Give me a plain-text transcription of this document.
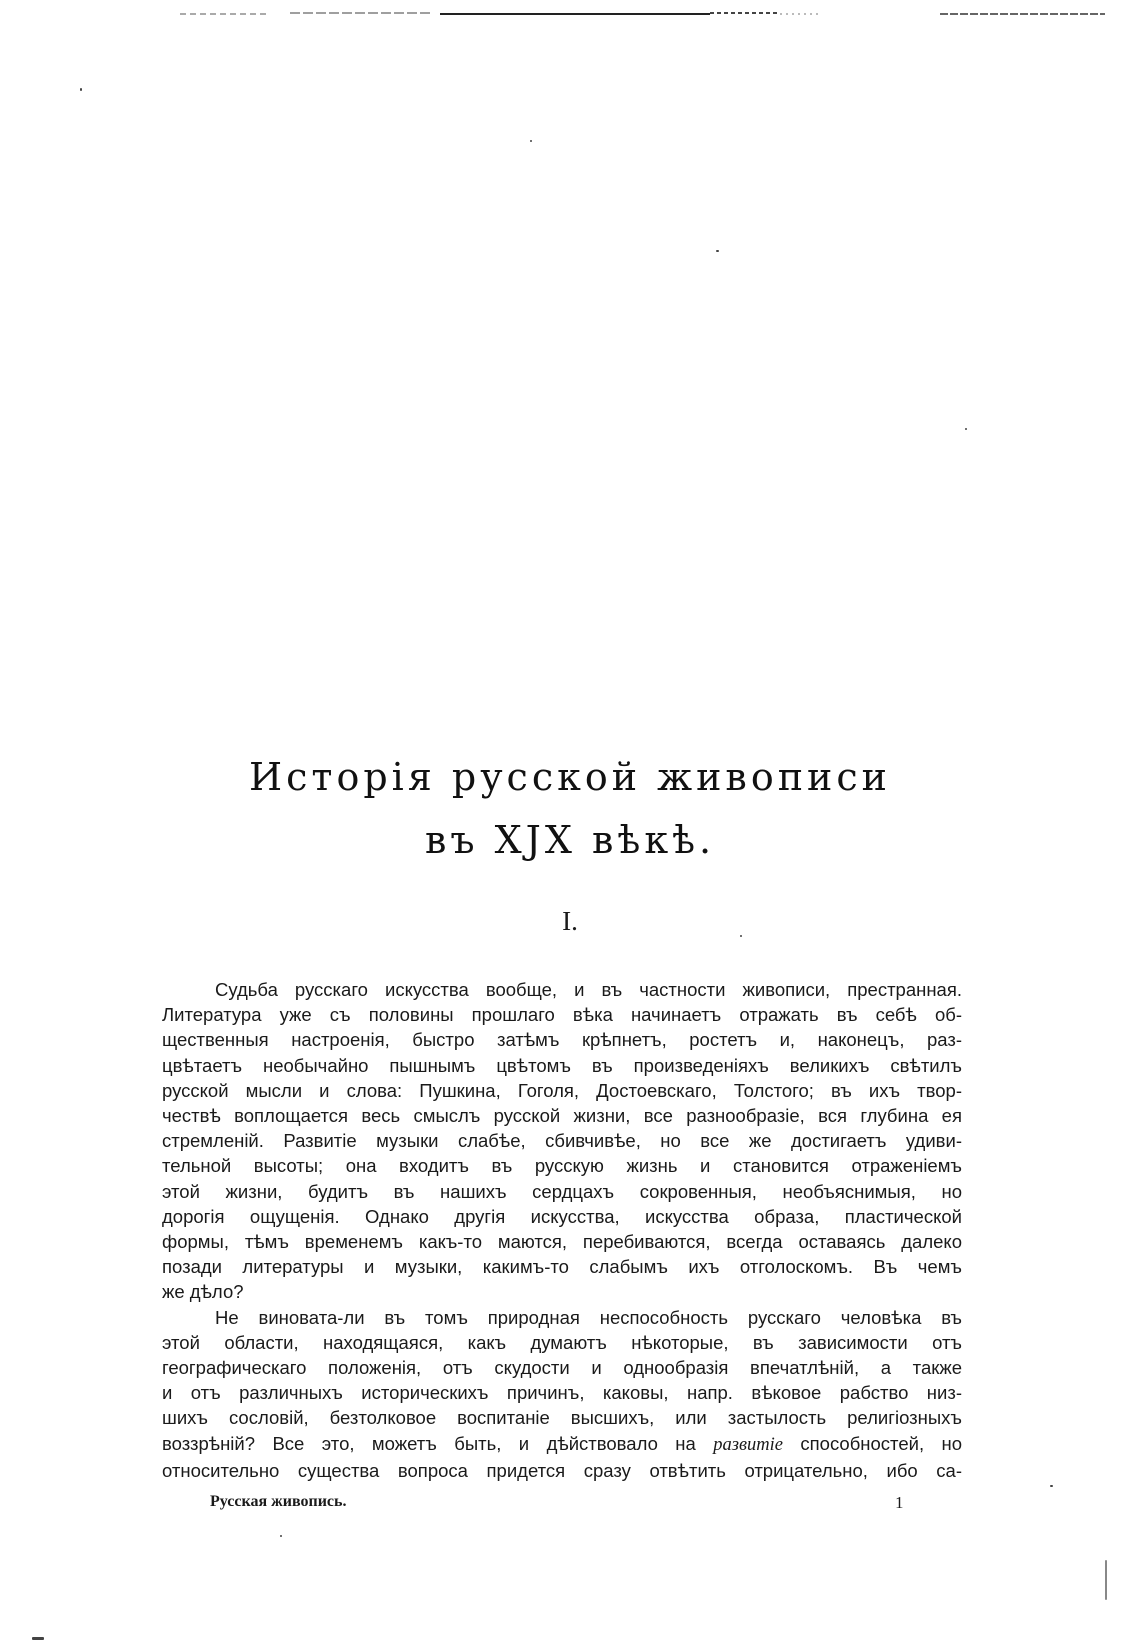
Исторія русской живописи
въ XJX вѣкѣ.
I.
Судьба русскаго искусства вообще, и въ частности живописи, престранная.
Литература уже съ половины прошлаго вѣка начинаетъ отражать въ себѣ об-
щественныя настроенія, быстро затѣмъ крѣпнетъ, ростетъ и, наконецъ, раз-
цвѣтаетъ необычайно пышнымъ цвѣтомъ въ произведеніяхъ великихъ свѣтилъ
русской мысли и слова: Пушкина, Гоголя, Достоевскаго, Толстого; въ ихъ твор-
чествѣ воплощается весь смыслъ русской жизни, все разнообразіе, вся глубина ея
стремленій. Развитіе музыки слабѣе, сбивчивѣе, но все же достигаетъ удиви-
тельной высоты; она входитъ въ русскую жизнь и становится отраженіемъ
этой жизни, будитъ въ нашихъ сердцахъ сокровенныя, необъяснимыя, но
дорогія ощущенія. Однако другія искусства, искусства образа, пластической
формы, тѣмъ временемъ какъ-то маются, перебиваются, всегда оставаясь далеко
позади литературы и музыки, какимъ-то слабымъ ихъ отголоскомъ. Въ чемъ
же дѣло?
Не виновата-ли въ томъ природная неспособность русскаго человѣка въ
этой области, находящаяся, какъ думаютъ нѣкоторые, въ зависимости отъ
географическаго положенія, отъ скудости и однообразія впечатлѣній, а также
и отъ различныхъ историческихъ причинъ, каковы, напр. вѣковое рабство низ-
шихъ сословій, безтолковое воспитаніе высшихъ, или застылость религіозныхъ
воззрѣній? Все это, можетъ быть, и дѣйствовало на развитіе способностей, но
относительно существа вопроса придется сразу отвѣтить отрицательно, ибо са-
Русская живопись.	1
